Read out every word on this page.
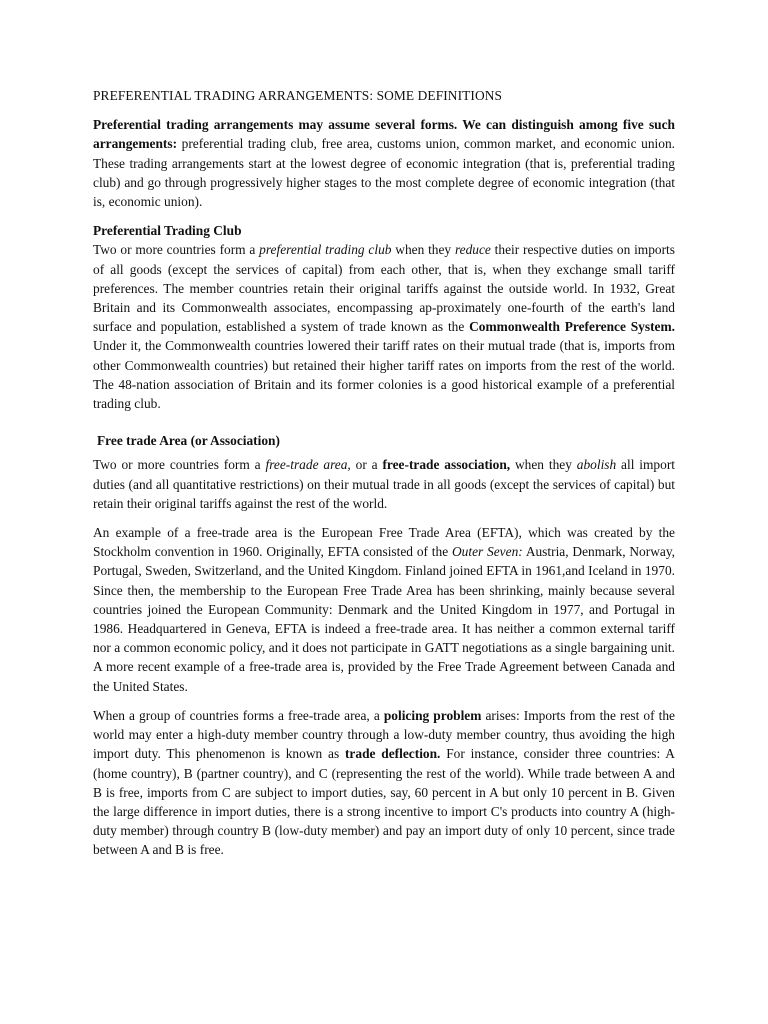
PREFERENTIAL TRADING ARRANGEMENTS: SOME DEFINITIONS

Preferential trading arrangements may assume several forms. We can distinguish among five such arrangements: preferential trading club, free area, customs union, common market, and economic union. These trading arrangements start at the lowest degree of economic integration (that is, preferential trading club) and go through progressively higher stages to the most complete degree of economic integration (that is, economic union).

Preferential Trading Club

Two or more countries form a preferential trading club when they reduce their respective duties on imports of all goods (except the services of capital) from each other, that is, when they exchange small tariff preferences. The member countries retain their original tariffs against the outside world. In 1932, Great Britain and its Commonwealth associates, encompassing ap-proximately one-fourth of the earth's land surface and population, established a system of trade known as the Commonwealth Preference System. Under it, the Commonwealth countries lowered their tariff rates on their mutual trade (that is, imports from other Commonwealth countries) but retained their higher tariff rates on imports from the rest of the world. The 48-nation association of Britain and its former colonies is a good historical example of a preferential trading club.

Free trade Area (or Association)

Two or more countries form a free-trade area, or a free-trade association, when they abolish all import duties (and all quantitative restrictions) on their mutual trade in all goods (except the services of capital) but retain their original tariffs against the rest of the world.

An example of a free-trade area is the European Free Trade Area (EFTA), which was created by the Stockholm convention in 1960. Originally, EFTA consisted of the Outer Seven: Austria, Denmark, Norway, Portugal, Sweden, Switzerland, and the United Kingdom. Finland joined EFTA in 1961,and Iceland in 1970. Since then, the membership to the European Free Trade Area has been shrinking, mainly because several countries joined the European Community: Denmark and the United Kingdom in 1977, and Portugal in 1986. Headquartered in Geneva, EFTA is indeed a free-trade area. It has neither a common external tariff nor a common economic policy, and it does not participate in GATT negotiations as a single bargaining unit. A more recent example of a free-trade area is, provided by the Free Trade Agreement between Canada and the United States.

When a group of countries forms a free-trade area, a policing problem arises: Imports from the rest of the world may enter a high-duty member country through a low-duty member country, thus avoiding the high import duty. This phenomenon is known as trade deflection. For instance, consider three countries: A (home country), B (partner country), and C (representing the rest of the world). While trade between A and B is free, imports from C are subject to import duties, say, 60 percent in A but only 10 percent in B. Given the large difference in import duties, there is a strong incentive to import C's products into country A (high-duty member) through country B (low-duty member) and pay an import duty of only 10 percent, since trade between A and B is free.
